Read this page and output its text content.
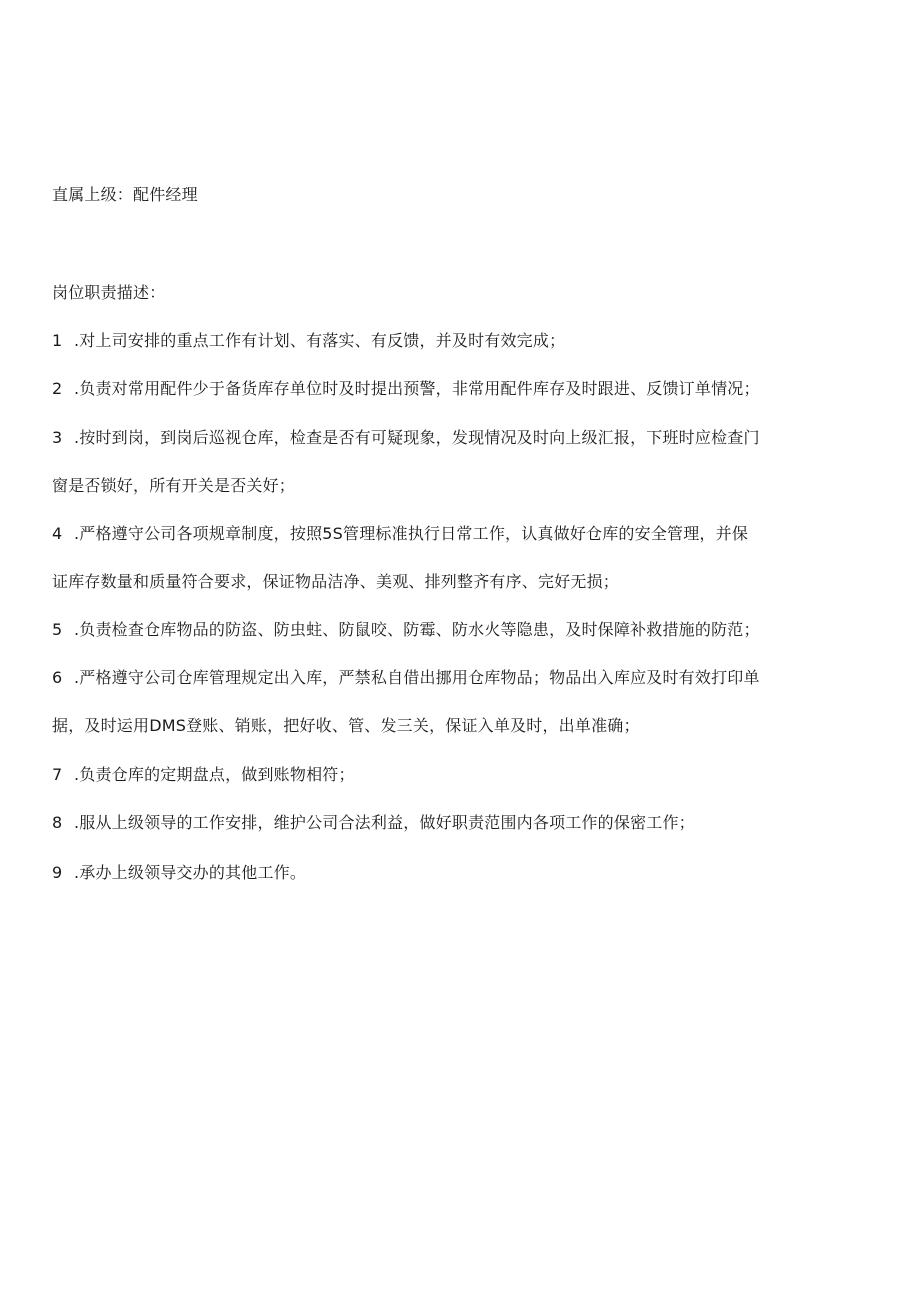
直属上级：配件经理
岗位职责描述：
1 .对上司安排的重点工作有计划、有落实、有反馈，并及时有效完成；
2 .负责对常用配件少于备货库存单位时及时提出预警，非常用配件库存及时跟进、反馈订单情况；
3 .按时到岗，到岗后巡视仓库，检查是否有可疑现象，发现情况及时向上级汇报，下班时应检查门
窗是否锁好，所有开关是否关好；
4 .严格遵守公司各项规章制度，按照5S管理标准执行日常工作，认真做好仓库的安全管理，并保
证库存数量和质量符合要求，保证物品洁净、美观、排列整齐有序、完好无损；
5 .负责检查仓库物品的防盗、防虫蛀、防鼠咬、防霉、防水火等隐患，及时保障补救措施的防范；
6 .严格遵守公司仓库管理规定出入库，严禁私自借出挪用仓库物品；物品出入库应及时有效打印单
据，及时运用DMS登账、销账，把好收、管、发三关，保证入单及时，出单准确；
7 .负责仓库的定期盘点，做到账物相符；
8 .服从上级领导的工作安排，维护公司合法利益，做好职责范围内各项工作的保密工作；
9 .承办上级领导交办的其他工作。
